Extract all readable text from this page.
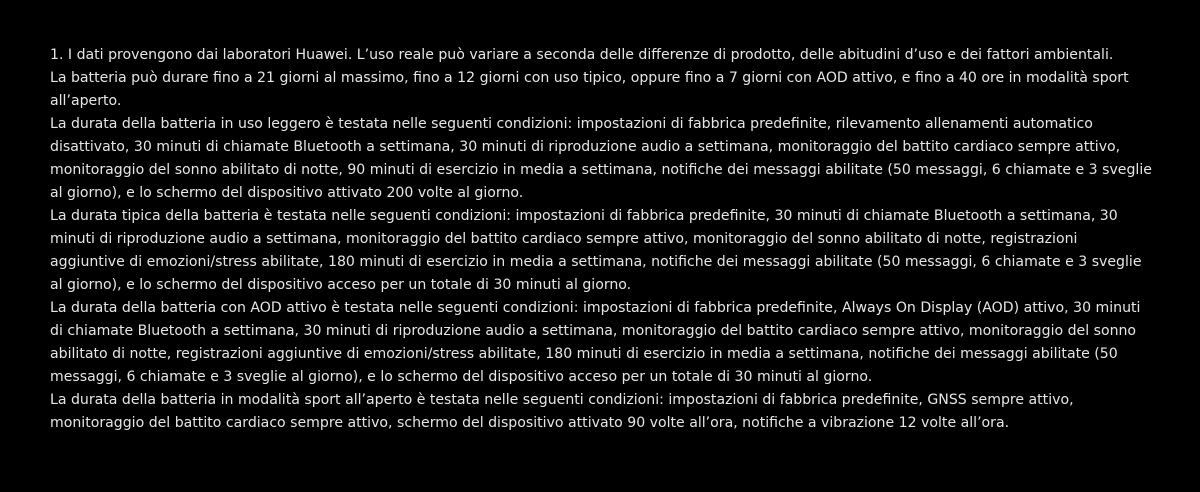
1. I dati provengono dai laboratori Huawei. L’uso reale può variare a seconda delle differenze di prodotto, delle abitudini d’uso e dei fattori ambientali.

La batteria può durare fino a 21 giorni al massimo, fino a 12 giorni con uso tipico, oppure fino a 7 giorni con AOD attivo, e fino a 40 ore in modalità sport all’aperto.

La durata della batteria in uso leggero è testata nelle seguenti condizioni: impostazioni di fabbrica predefinite, rilevamento allenamenti automatico disattivato, 30 minuti di chiamate Bluetooth a settimana, 30 minuti di riproduzione audio a settimana, monitoraggio del battito cardiaco sempre attivo, monitoraggio del sonno abilitato di notte, 90 minuti di esercizio in media a settimana, notifiche dei messaggi abilitate (50 messaggi, 6 chiamate e 3 sveglie al giorno), e lo schermo del dispositivo attivato 200 volte al giorno.

La durata tipica della batteria è testata nelle seguenti condizioni: impostazioni di fabbrica predefinite, 30 minuti di chiamate Bluetooth a settimana, 30 minuti di riproduzione audio a settimana, monitoraggio del battito cardiaco sempre attivo, monitoraggio del sonno abilitato di notte, registrazioni aggiuntive di emozioni/stress abilitate, 180 minuti di esercizio in media a settimana, notifiche dei messaggi abilitate (50 messaggi, 6 chiamate e 3 sveglie al giorno), e lo schermo del dispositivo acceso per un totale di 30 minuti al giorno.

La durata della batteria con AOD attivo è testata nelle seguenti condizioni: impostazioni di fabbrica predefinite, Always On Display (AOD) attivo, 30 minuti di chiamate Bluetooth a settimana, 30 minuti di riproduzione audio a settimana, monitoraggio del battito cardiaco sempre attivo, monitoraggio del sonno abilitato di notte, registrazioni aggiuntive di emozioni/stress abilitate, 180 minuti di esercizio in media a settimana, notifiche dei messaggi abilitate (50 messaggi, 6 chiamate e 3 sveglie al giorno), e lo schermo del dispositivo acceso per un totale di 30 minuti al giorno.

La durata della batteria in modalità sport all’aperto è testata nelle seguenti condizioni: impostazioni di fabbrica predefinite, GNSS sempre attivo, monitoraggio del battito cardiaco sempre attivo, schermo del dispositivo attivato 90 volte all’ora, notifiche a vibrazione 12 volte all’ora.
